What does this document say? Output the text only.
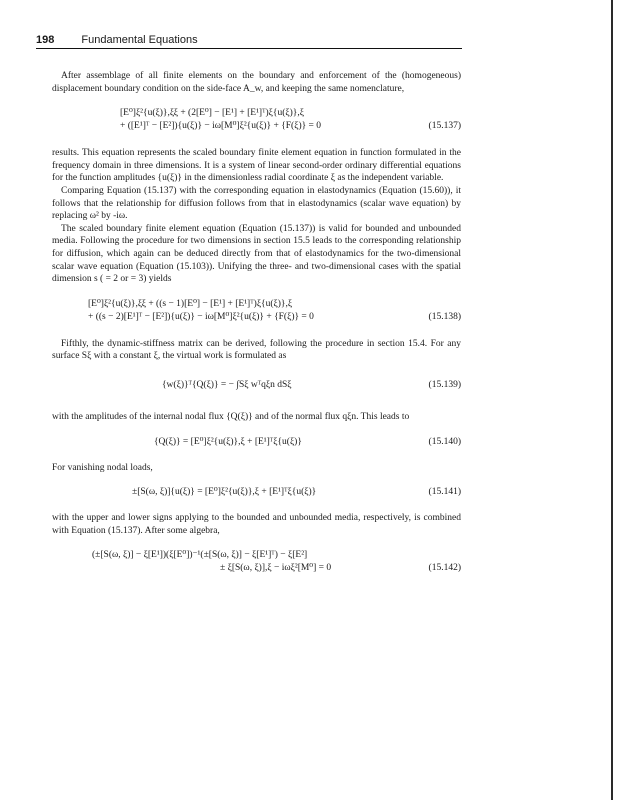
198 Fundamental Equations

After assemblage of all finite elements on the boundary and enforcement of the (homogeneous) displacement boundary condition on the side-face A_w, and keeping the same nomenclature,

[E⁰]ξ²{u(ξ)},ξξ + (2[E⁰] − [E¹] + [E¹]ᵀ)ξ{u(ξ)},ξ
+ ([E¹]ᵀ − [E²]){u(ξ)} − iω[M⁰]ξ²{u(ξ)} + {F(ξ)} = 0	(15.137)

results. This equation represents the scaled boundary finite element equation in function formulated in the frequency domain in three dimensions. It is a system of linear second-order ordinary differential equations for the function amplitudes {u(ξ)} in the dimensionless radial coordinate ξ as the independent variable.

Comparing Equation (15.137) with the corresponding equation in elastodynamics (Equation (15.60)), it follows that the relationship for diffusion follows from that in elastodynamics (scalar wave equation) by replacing ω² by -iω.

The scaled boundary finite element equation (Equation (15.137)) is valid for bounded and unbounded media. Following the procedure for two dimensions in section 15.5 leads to the corresponding relationship for diffusion, which again can be deduced directly from that of elastodynamics for the two-dimensional scalar wave equation (Equation (15.103)). Unifying the three- and two-dimensional cases with the spatial dimension s ( = 2 or = 3) yields

[E⁰]ξ²{u(ξ)},ξξ + ((s − 1)[E⁰] − [E¹] + [E¹]ᵀ)ξ{u(ξ)},ξ
+ ((s − 2)[E¹]ᵀ − [E²]){u(ξ)} − iω[M⁰]ξ²{u(ξ)} + {F(ξ)} = 0	(15.138)

Fifthly, the dynamic-stiffness matrix can be derived, following the procedure in section 15.4. For any surface Sξ with a constant ξ, the virtual work is formulated as

{w(ξ)}ᵀ{Q(ξ)} = − ∫Sξ wᵀqξn dSξ	(15.139)

with the amplitudes of the internal nodal flux {Q(ξ)} and of the normal flux qξn. This leads to

{Q(ξ)} = [E⁰]ξ²{u(ξ)},ξ + [E¹]ᵀξ{u(ξ)}	(15.140)

For vanishing nodal loads,

±[S(ω, ξ)]{u(ξ)} = [E⁰]ξ²{u(ξ)},ξ + [E¹]ᵀξ{u(ξ)}	(15.141)

with the upper and lower signs applying to the bounded and unbounded media, respectively, is combined with Equation (15.137). After some algebra,

(±[S(ω, ξ)] − ξ[E¹])(ξ[E⁰])⁻¹(±[S(ω, ξ)] − ξ[E¹]ᵀ) − ξ[E²]
± ξ[S(ω, ξ)],ξ − iωξ²[M⁰] = 0	(15.142)
